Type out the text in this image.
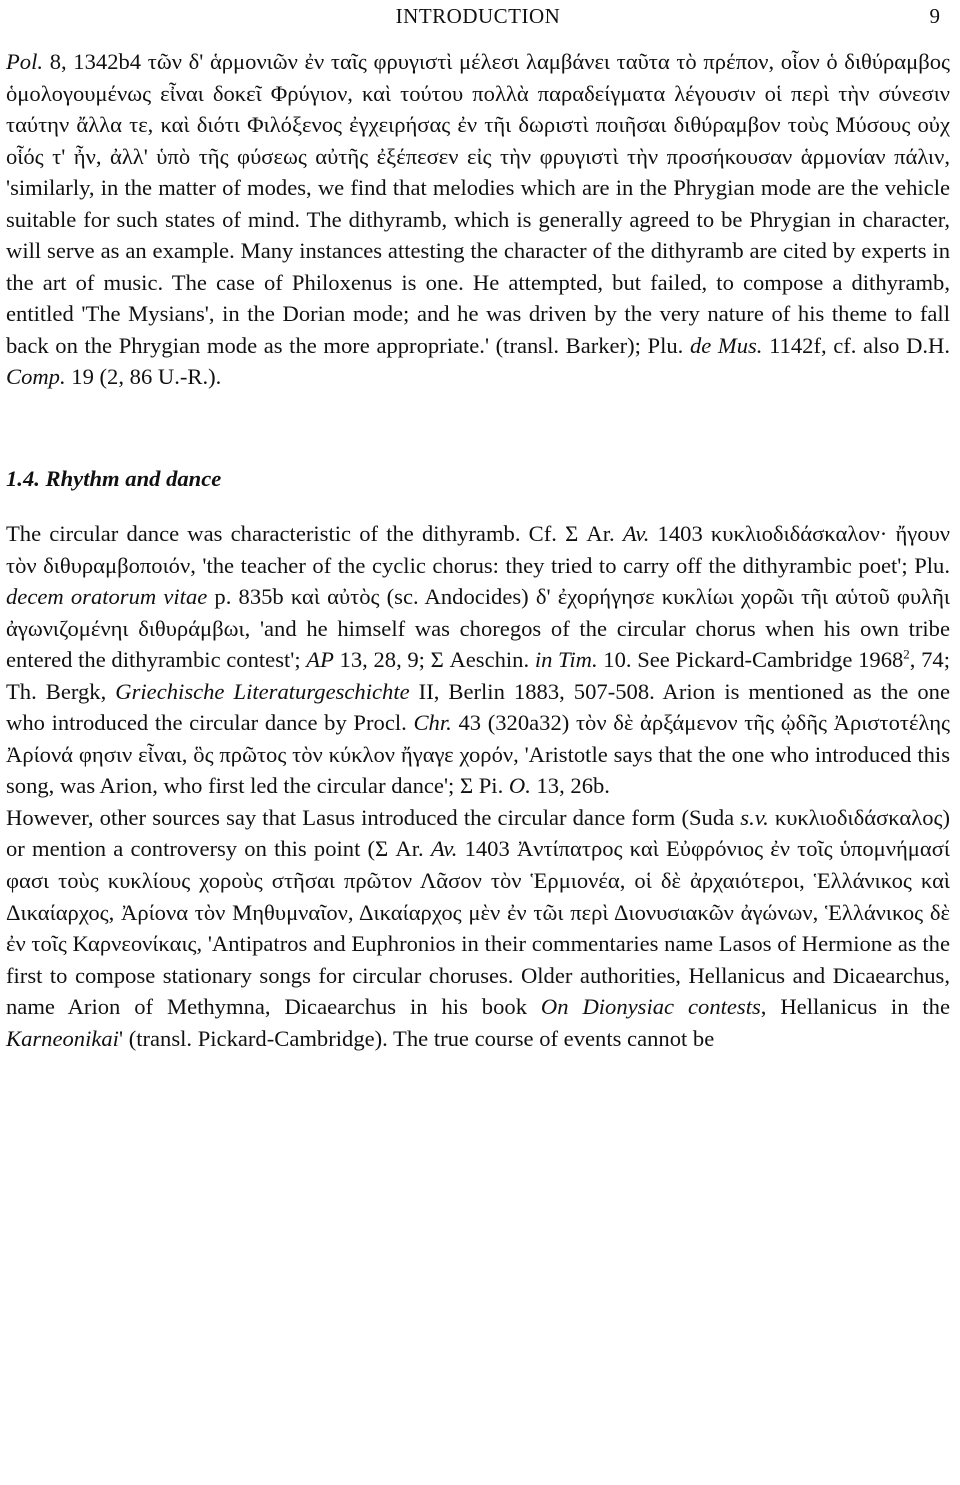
INTRODUCTION	9

Pol. 8, 1342b4 τῶν δ' ἁρμονιῶν ἐν ταῖς φρυγιστὶ μέλεσι λαμβάνει ταῦτα τὸ πρέπον, οἷον ὁ διθύραμβος ὁμολογουμένως εἶναι δοκεῖ Φρύγιον, καὶ τούτου πολλὰ παραδείγματα λέγουσιν οἱ περὶ τὴν σύνεσιν ταύτην ἄλλα τε, καὶ διότι Φιλόξενος ἐγχειρήσας ἐν τῆι δωριστὶ ποιῆσαι διθύραμβον τοὺς Μύσους οὐχ οἷός τ' ἦν, ἀλλ' ὑπὸ τῆς φύσεως αὐτῆς ἐξέπεσεν εἰς τὴν φρυγιστὶ τὴν προσήκουσαν ἁρμονίαν πάλιν, 'similarly, in the matter of modes, we find that melodies which are in the Phrygian mode are the vehicle suitable for such states of mind. The dithyramb, which is generally agreed to be Phrygian in character, will serve as an example. Many instances attesting the character of the dithyramb are cited by experts in the art of music. The case of Philoxenus is one. He attempted, but failed, to compose a dithyramb, entitled 'The Mysians', in the Dorian mode; and he was driven by the very nature of his theme to fall back on the Phrygian mode as the more appropriate.' (transl. Barker); Plu. de Mus. 1142f, cf. also D.H. Comp. 19 (2, 86 U.-R.).

1.4. Rhythm and dance

The circular dance was characteristic of the dithyramb. Cf. Σ Ar. Av. 1403 κυκλιοδιδάσκαλον· ἤγουν τὸν διθυραμβοποιόν, 'the teacher of the cyclic chorus: they tried to carry off the dithyrambic poet'; Plu. decem oratorum vitae p. 835b καὶ αὐτὸς (sc. Andocides) δ' ἐχορήγησε κυκλίωι χορῶι τῆι αὑτοῦ φυλῆι ἀγωνιζομένηι διθυράμβωι, 'and he himself was choregos of the circular chorus when his own tribe entered the dithyrambic contest'; AP 13, 28, 9; Σ Aeschin. in Tim. 10. See Pickard-Cambridge 1968$^2$, 74; Th. Bergk, Griechische Literaturgeschichte II, Berlin 1883, 507-508. Arion is mentioned as the one who introduced the circular dance by Procl. Chr. 43 (320a32) τὸν δὲ ἀρξάμενον τῆς ᾠδῆς Ἀριστοτέλης Ἀρίονά φησιν εἶναι, ὃς πρῶτος τὸν κύκλον ἤγαγε χορόν, 'Aristotle says that the one who introduced this song, was Arion, who first led the circular dance'; Σ Pi. O. 13, 26b.

However, other sources say that Lasus introduced the circular dance form (Suda s.v. κυκλιοδιδάσκαλος) or mention a controversy on this point (Σ Ar. Av. 1403 Ἀντίπατρος καὶ Εὐφρόνιος ἐν τοῖς ὑπομνήμασί φασι τοὺς κυκλίους χοροὺς στῆσαι πρῶτον Λᾶσον τὸν Ἑρμιονέα, οἱ δὲ ἀρχαιότεροι, Ἑλλάνικος καὶ Δικαίαρχος, Ἀρίονα τὸν Μηθυμναῖον, Δικαίαρχος μὲν ἐν τῶι περὶ Διονυσιακῶν ἀγώνων, Ἑλλάνικος δὲ ἐν τοῖς Καρνεονίκαις, 'Antipatros and Euphronios in their commentaries name Lasos of Hermione as the first to compose stationary songs for circular choruses. Older authorities, Hellanicus and Dicaearchus, name Arion of Methymna, Dicaearchus in his book On Dionysiac contests, Hellanicus in the Karneonikai' (transl. Pickard-Cambridge). The true course of events cannot be
